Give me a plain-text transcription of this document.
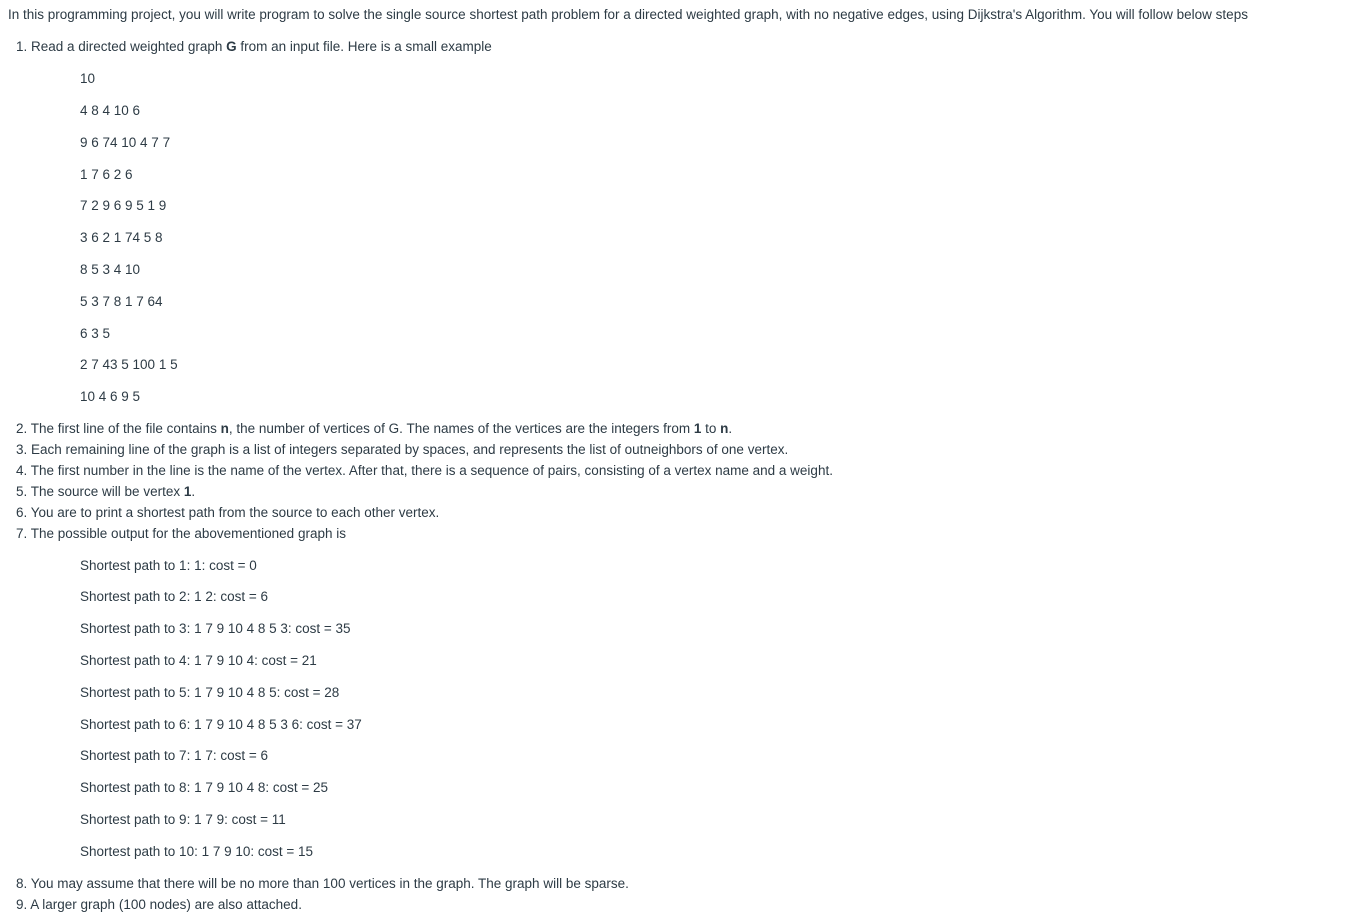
In this programming project, you will write program to solve the single source shortest path problem for a directed weighted graph, with no negative edges, using Dijkstra's Algorithm. You will follow below steps

1. Read a directed weighted graph G from an input file. Here is a small example

10

4 8 4 10 6

9 6 74 10 4 7 7

1 7 6 2 6

7 2 9 6 9 5 1 9

3 6 2 1 74 5 8

8 5 3 4 10

5 3 7 8 1 7 64

6 3 5

2 7 43 5 100 1 5

10 4 6 9 5

2. The first line of the file contains n, the number of vertices of G. The names of the vertices are the integers from 1 to n.

3. Each remaining line of the graph is a list of integers separated by spaces, and represents the list of outneighbors of one vertex.

4. The first number in the line is the name of the vertex. After that, there is a sequence of pairs, consisting of a vertex name and a weight.

5. The source will be vertex 1.

6. You are to print a shortest path from the source to each other vertex.

7. The possible output for the abovementioned graph is

Shortest path to 1: 1: cost = 0

Shortest path to 2: 1 2: cost = 6

Shortest path to 3: 1 7 9 10 4 8 5 3: cost = 35

Shortest path to 4: 1 7 9 10 4: cost = 21

Shortest path to 5: 1 7 9 10 4 8 5: cost = 28

Shortest path to 6: 1 7 9 10 4 8 5 3 6: cost = 37

Shortest path to 7: 1 7: cost = 6

Shortest path to 8: 1 7 9 10 4 8: cost = 25

Shortest path to 9: 1 7 9: cost = 11

Shortest path to 10: 1 7 9 10: cost = 15

8. You may assume that there will be no more than 100 vertices in the graph. The graph will be sparse.

9. A larger graph (100 nodes) are also attached.
